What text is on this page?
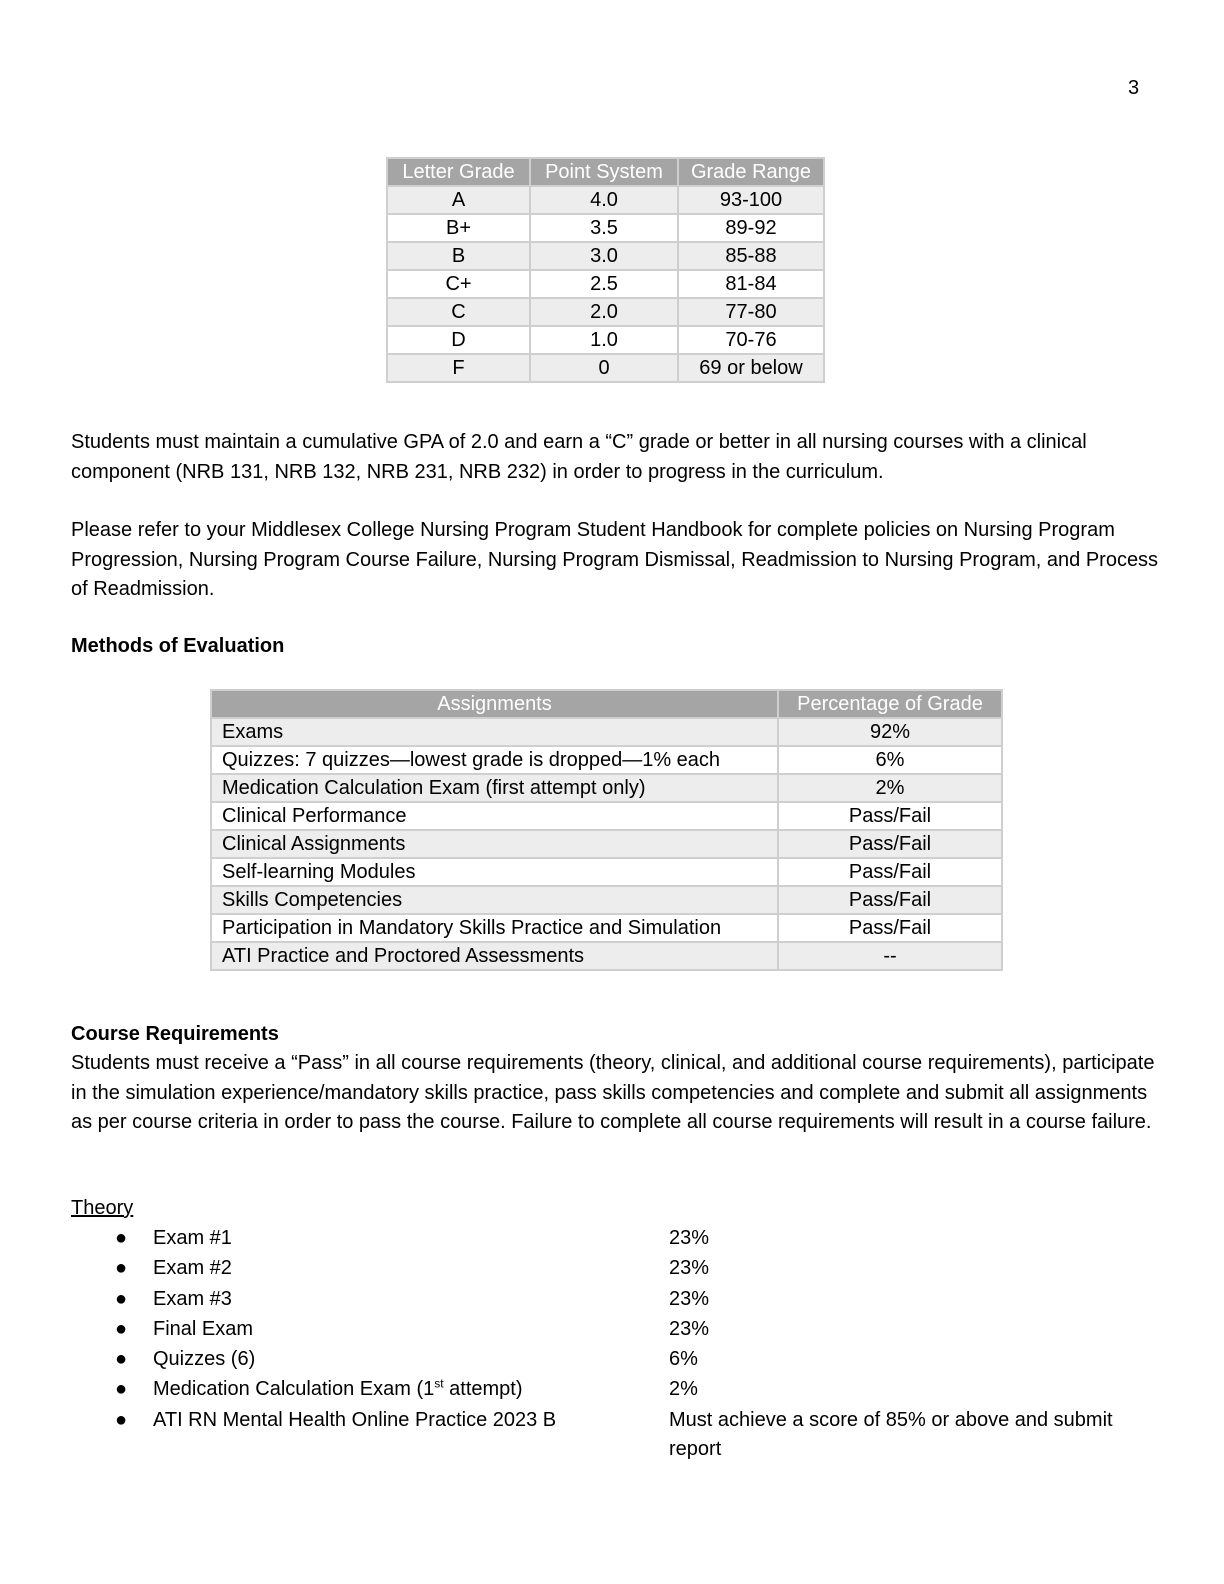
3
Letter Grade	Point System	Grade Range
A	4.0	93-100
B+	3.5	89-92
B	3.0	85-88
C+	2.5	81-84
C	2.0	77-80
D	1.0	70-76
F	0	69 or below

Students must maintain a cumulative GPA of 2.0 and earn a “C” grade or better in all nursing courses with a clinical component (NRB 131, NRB 132, NRB 231, NRB 232) in order to progress in the curriculum.

Please refer to your Middlesex College Nursing Program Student Handbook for complete policies on Nursing Program Progression, Nursing Program Course Failure, Nursing Program Dismissal, Readmission to Nursing Program, and Process of Readmission.

Methods of Evaluation

Assignments	Percentage of Grade
Exams	92%
Quizzes: 7 quizzes—lowest grade is dropped—1% each	6%
Medication Calculation Exam (first attempt only)	2%
Clinical Performance	Pass/Fail
Clinical Assignments	Pass/Fail
Self-learning Modules	Pass/Fail
Skills Competencies	Pass/Fail
Participation in Mandatory Skills Practice and Simulation	Pass/Fail
ATI Practice and Proctored Assessments	--

Course Requirements

Students must receive a “Pass” in all course requirements (theory, clinical, and additional course requirements), participate in the simulation experience/mandatory skills practice, pass skills competencies and complete and submit all assignments as per course criteria in order to pass the course. Failure to complete all course requirements will result in a course failure.

Theory
● Exam #1	23%
● Exam #2	23%
● Exam #3	23%
● Final Exam	23%
● Quizzes (6)	6%
● Medication Calculation Exam (1st attempt)	2%
● ATI RN Mental Health Online Practice 2023 B	Must achieve a score of 85% or above and submit report
